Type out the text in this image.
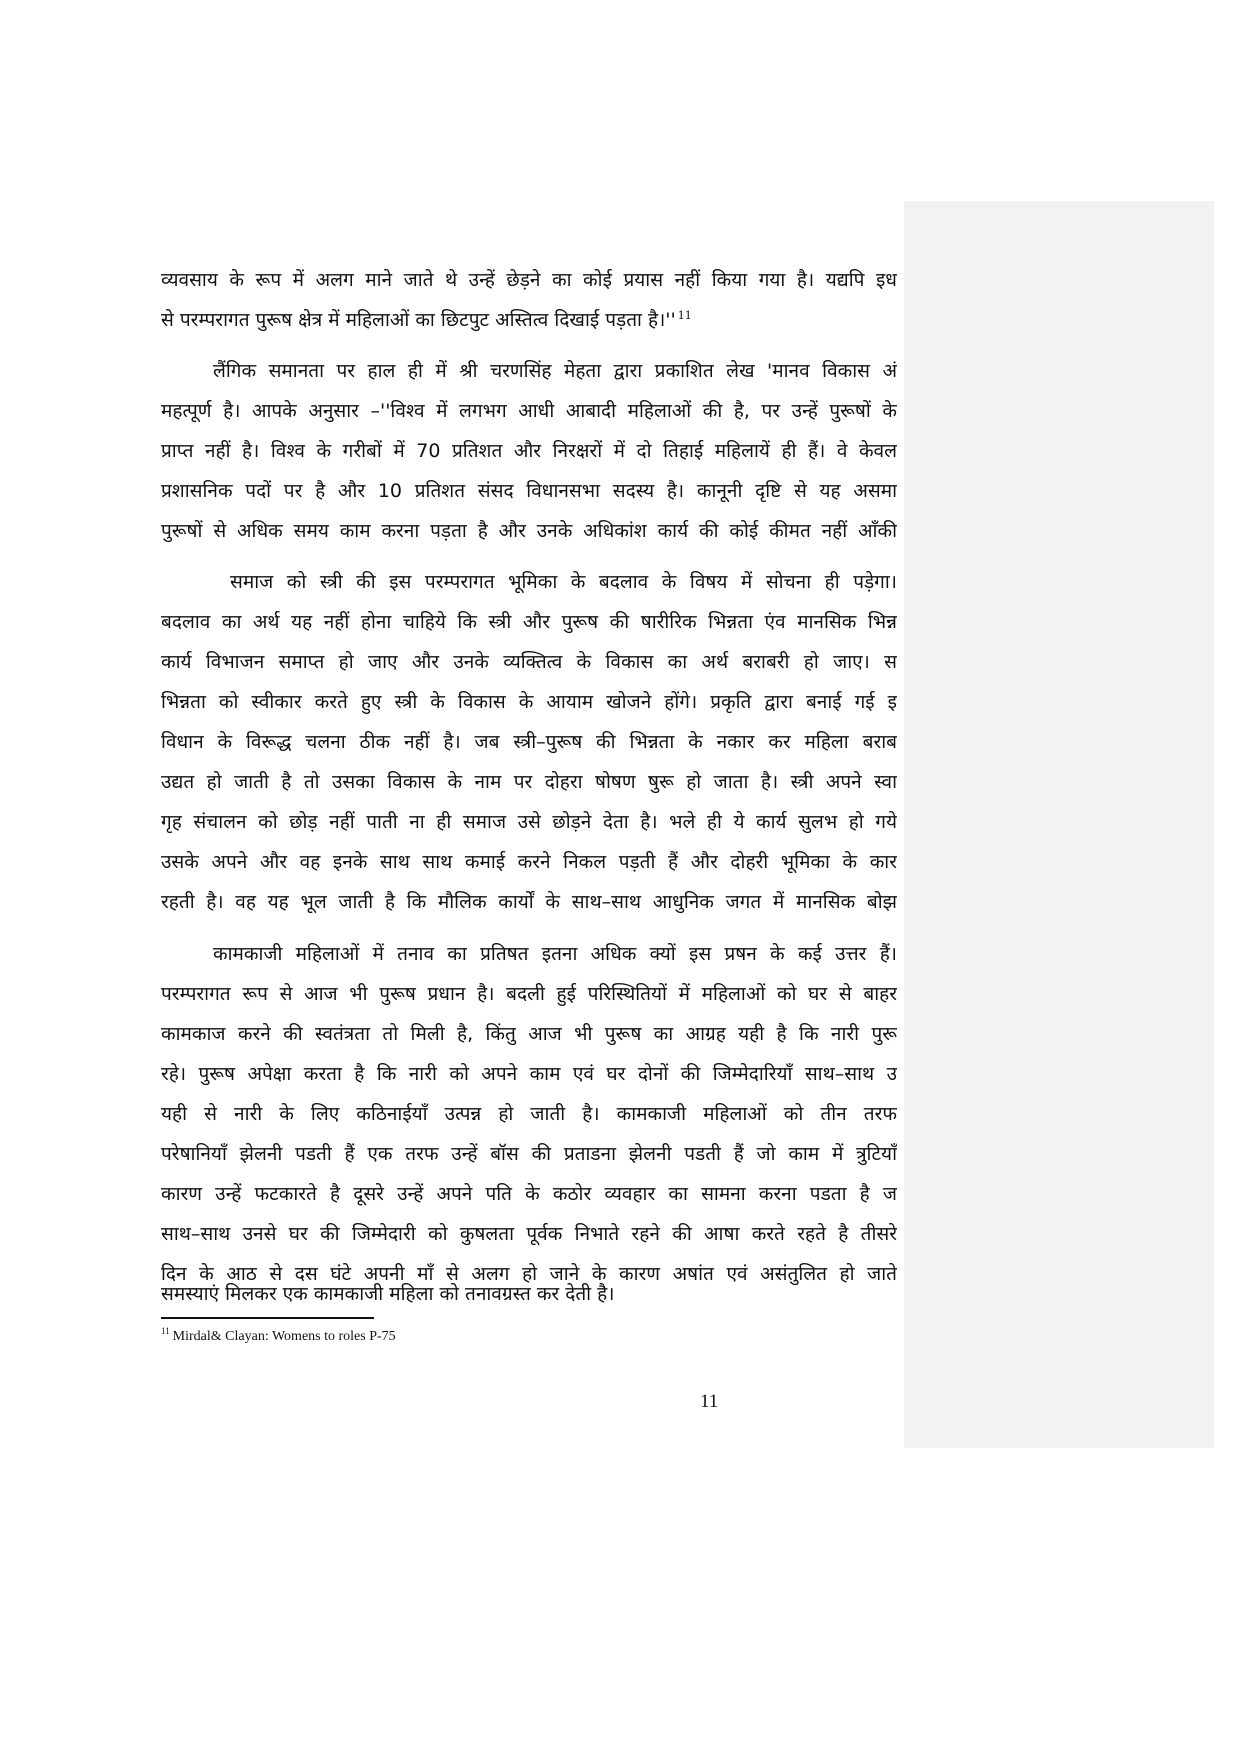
व्यवसाय के रूप में अलग माने जाते थे उन्हें छेड़ने का कोई प्रयास नहीं किया गया है। यद्यपि इध
से परम्परागत पुरूष क्षेत्र में महिलाओं का छिटपुट अस्तित्व दिखाई पड़ता है।'' $^{11}$
लैंगिक समानता पर हाल ही में श्री चरणसिंह मेहता द्वारा प्रकाशित लेख 'मानव विकास अं
महत्पूर्ण है। आपके अनुसार –''विश्व में लगभग आधी आबादी महिलाओं की है, पर उन्हें पुरूषों के
प्राप्त नहीं है। विश्व के गरीबों में 70 प्रतिशत और निरक्षरों में दो तिहाई महिलायें ही हैं। वे केवल
प्रशासनिक पदों पर है और 10 प्रतिशत संसद विधानसभा सदस्य है। कानूनी दृष्टि से यह असमा
पुरूषों से अधिक समय काम करना पड़ता है और उनके अधिकांश कार्य की कोई कीमत नहीं आँकी
समाज को स्त्री की इस परम्परागत भूमिका के बदलाव के विषय में सोचना ही पड़ेगा।
बदलाव का अर्थ यह नहीं होना चाहिये कि स्त्री और पुरूष की षारीरिक भिन्नता एंव मानसिक भिन्न
कार्य विभाजन समाप्त हो जाए और उनके व्यक्तित्व के विकास का अर्थ बराबरी हो जाए। स
भिन्नता को स्वीकार करते हुए स्त्री के विकास के आयाम खोजने होंगे। प्रकृति द्वारा बनाई गई इ
विधान के विरूद्ध चलना ठीक नहीं है। जब स्त्री–पुरूष की भिन्नता के नकार कर महिला बराब
उद्यत हो जाती है तो उसका विकास के नाम पर दोहरा षोषण षुरू हो जाता है। स्त्री अपने स्वा
गृह संचालन को छोड़ नहीं पाती ना ही समाज उसे छोड़ने देता है। भले ही ये कार्य सुलभ हो गये
उसके अपने और वह इनके साथ साथ कमाई करने निकल पड़ती हैं और दोहरी भूमिका के कार
रहती है। वह यह भूल जाती है कि मौलिक कार्यों के साथ–साथ आधुनिक जगत में मानसिक बोझ
कामकाजी महिलाओं में तनाव का प्रतिषत इतना अधिक क्यों इस प्रषन के कई उत्तर हैं।
परम्परागत रूप से आज भी पुरूष प्रधान है। बदली हुई परिस्थितियों में महिलाओं को घर से बाहर
कामकाज करने की स्वतंत्रता तो मिली है, किंतु आज भी पुरूष का आग्रह यही है कि नारी पुरू
रहे। पुरूष अपेक्षा करता है कि नारी को अपने काम एवं घर दोनों की जिम्मेदारियाँ साथ–साथ उ
यही से नारी के लिए कठिनाईयाँ उत्पन्न हो जाती है। कामकाजी महिलाओं को तीन तरफ
परेषानियाँ झेलनी पडती हैं एक तरफ उन्हें बॉस की प्रताडना झेलनी पडती हैं जो काम में त्रुटियाँ
कारण उन्हें फटकारते है दूसरे उन्हें अपने पति के कठोर व्यवहार का सामना करना पडता है ज
साथ–साथ उनसे घर की जिम्मेदारी को कुषलता पूर्वक निभाते रहने की आषा करते रहते है तीसरे
दिन के आठ से दस घंटे अपनी माँ से अलग हो जाने के कारण अषांत एवं असंतुलित हो जाते
समस्याएं मिलकर एक कामकाजी महिला को तनावग्रस्त कर देती है।
$^{11}$ Mirdal& Clayan: Womens to roles P-75
11
